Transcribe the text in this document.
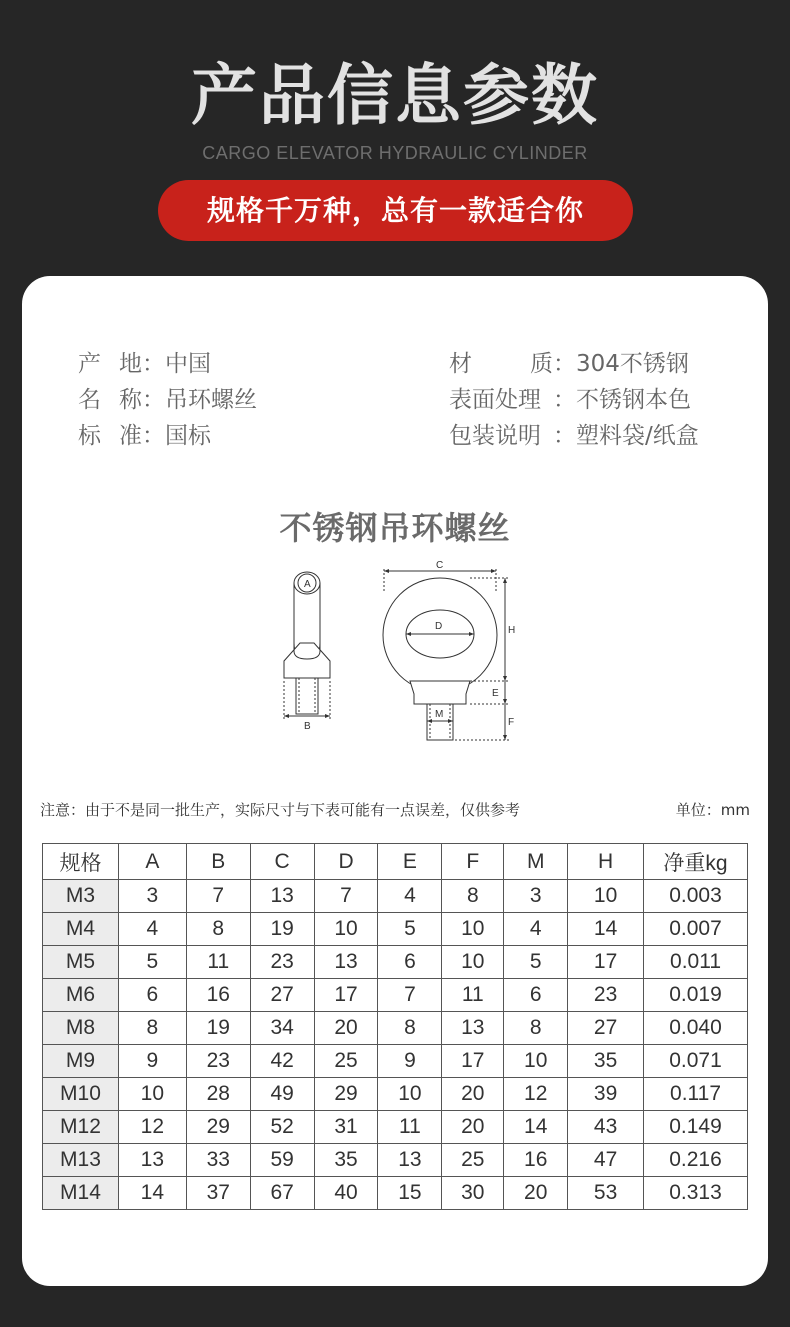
产品信息参数
CARGO ELEVATOR HYDRAULIC CYLINDER
规格千万种，总有一款适合你
产 地：中国
名 称：吊环螺丝
标 准：国标
材 质：304不锈钢
表面处理 ：不锈钢本色
包装说明 ：塑料袋/纸盒
不锈钢吊环螺丝
A
B
C
D
M
H
E
F
注意：由于不是同一批生产，实际尺寸与下表可能有一点误差，仅供参考	单位：mm
规格	A	B	C	D	E	F	M	H	净重kg
M3	3	7	13	7	4	8	3	10	0.003
M4	4	8	19	10	5	10	4	14	0.007
M5	5	11	23	13	6	10	5	17	0.011
M6	6	16	27	17	7	11	6	23	0.019
M8	8	19	34	20	8	13	8	27	0.040
M9	9	23	42	25	9	17	10	35	0.071
M10	10	28	49	29	10	20	12	39	0.117
M12	12	29	52	31	11	20	14	43	0.149
M13	13	33	59	35	13	25	16	47	0.216
M14	14	37	67	40	15	30	20	53	0.313
